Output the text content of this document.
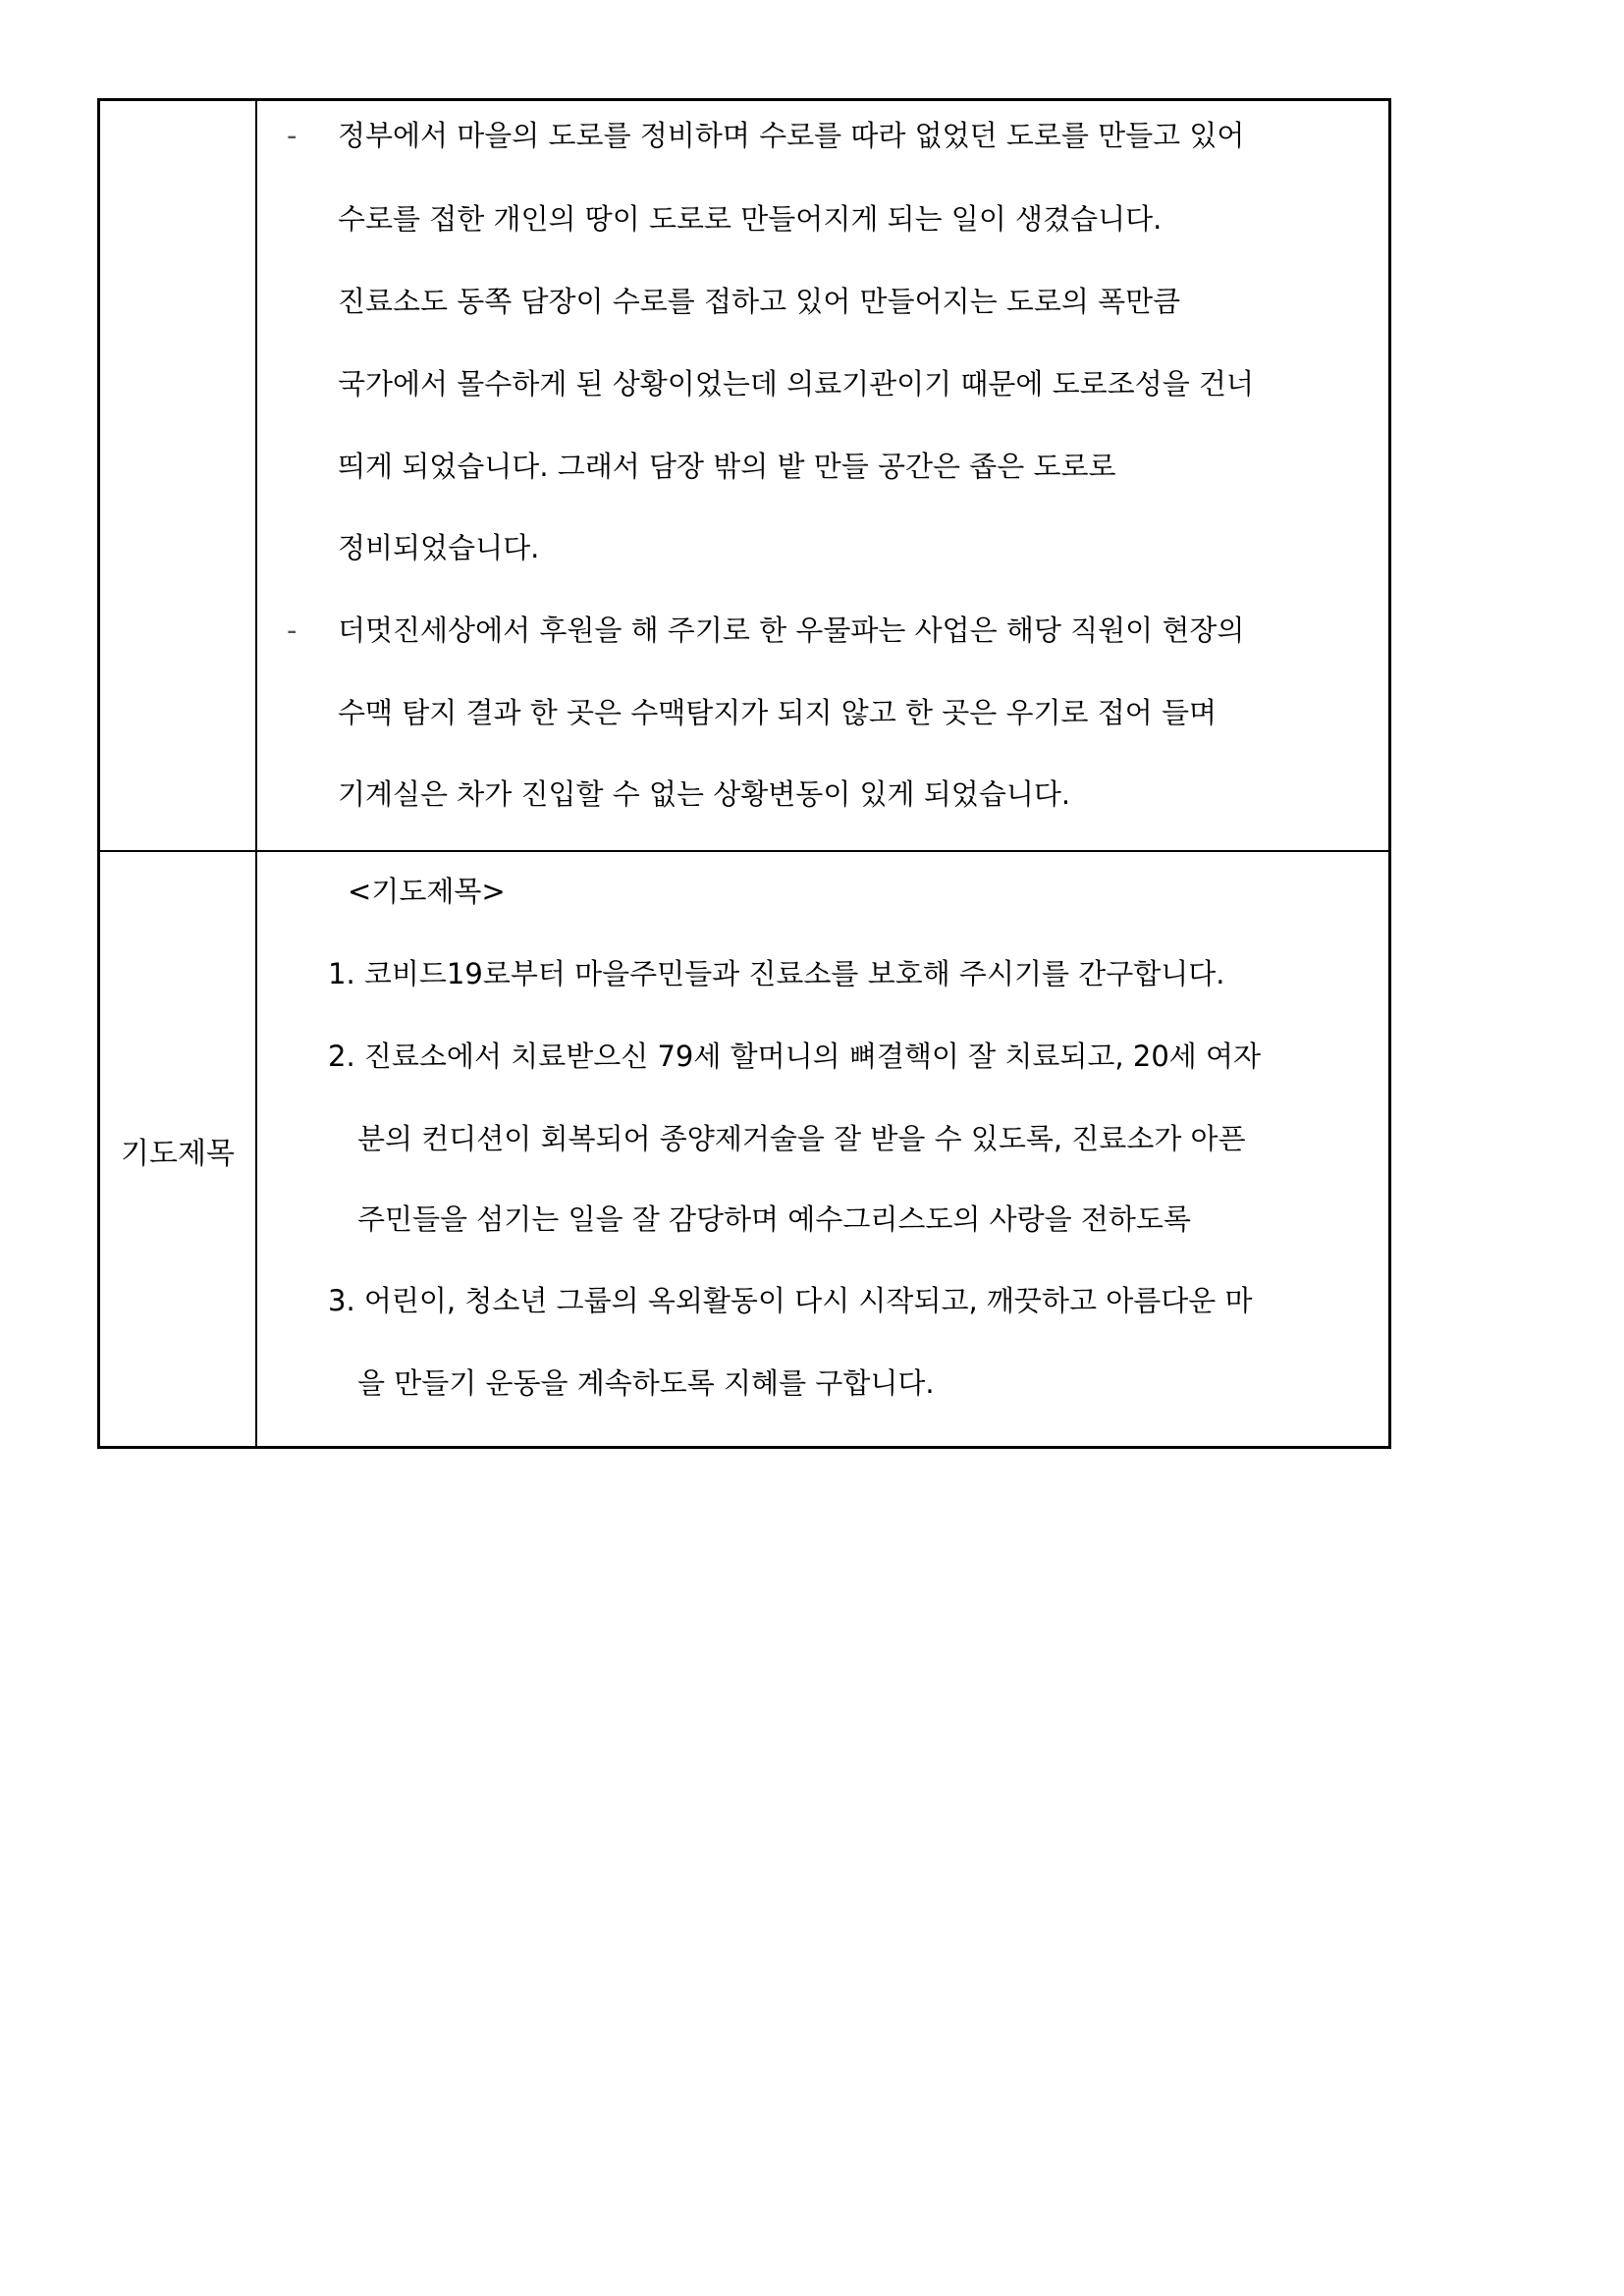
- 정부에서 마을의 도로를 정비하며 수로를 따라 없었던 도로를 만들고 있어
수로를 접한 개인의 땅이 도로로 만들어지게 되는 일이 생겼습니다.
진료소도 동쪽 담장이 수로를 접하고 있어 만들어지는 도로의 폭만큼
국가에서 몰수하게 된 상황이었는데 의료기관이기 때문에 도로조성을 건너
띄게 되었습니다. 그래서 담장 밖의 밭 만들 공간은 좁은 도로로
정비되었습니다.
- 더멋진세상에서 후원을 해 주기로 한 우물파는 사업은 해당 직원이 현장의
수맥 탐지 결과 한 곳은 수맥탐지가 되지 않고 한 곳은 우기로 접어 들며
기계실은 차가 진입할 수 없는 상황변동이 있게 되었습니다.
기도제목
<기도제목>
1. 코비드19로부터 마을주민들과 진료소를 보호해 주시기를 간구합니다.
2. 진료소에서 치료받으신 79세 할머니의 뼈결핵이 잘 치료되고, 20세 여자
분의 컨디션이 회복되어 종양제거술을 잘 받을 수 있도록, 진료소가 아픈
주민들을 섬기는 일을 잘 감당하며 예수그리스도의 사랑을 전하도록
3. 어린이, 청소년 그룹의 옥외활동이 다시 시작되고, 깨끗하고 아름다운 마
을 만들기 운동을 계속하도록 지혜를 구합니다.
